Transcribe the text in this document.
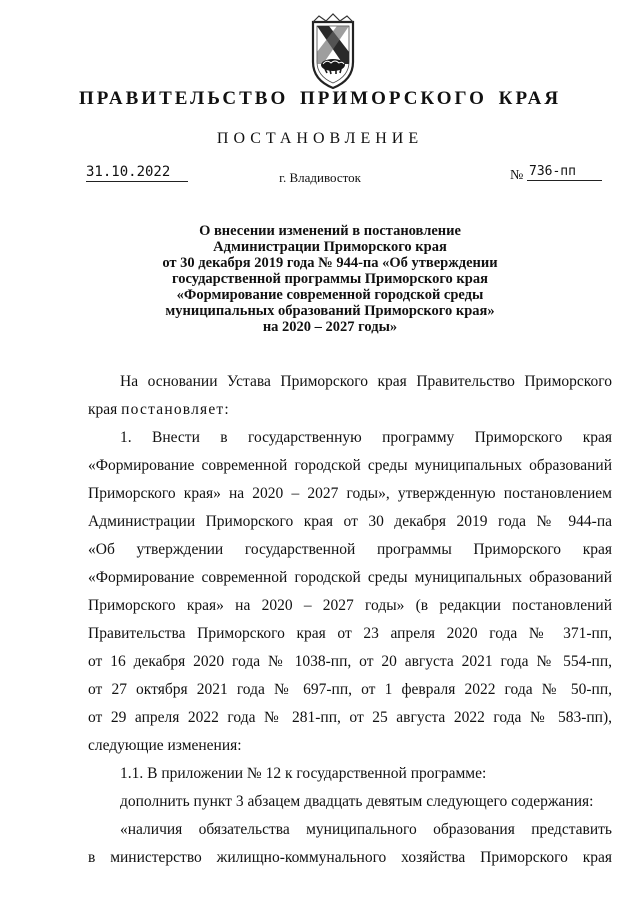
ПРАВИТЕЛЬСТВО ПРИМОРСКОГО КРАЯ
ПОСТАНОВЛЕНИЕ
31.10.2022	г. Владивосток	№ 736-пп
О внесении изменений в постановление
Администрации Приморского края
от 30 декабря 2019 года № 944-па «Об утверждении
государственной программы Приморского края
«Формирование современной городской среды
муниципальных образований Приморского края»
на 2020 – 2027 годы»
На основании Устава Приморского края Правительство Приморского
края постановляет:
1. Внести в государственную программу Приморского края
«Формирование современной городской среды муниципальных образований
Приморского края» на 2020 – 2027 годы», утвержденную постановлением
Администрации Приморского края от 30 декабря 2019 года № 944-па
«Об утверждении государственной программы Приморского края
«Формирование современной городской среды муниципальных образований
Приморского края» на 2020 – 2027 годы» (в редакции постановлений
Правительства Приморского края от 23 апреля 2020 года № 371-пп,
от 16 декабря 2020 года № 1038-пп, от 20 августа 2021 года № 554-пп,
от 27 октября 2021 года № 697-пп, от 1 февраля 2022 года № 50-пп,
от 29 апреля 2022 года № 281-пп, от 25 августа 2022 года № 583-пп),
следующие изменения:
1.1. В приложении № 12 к государственной программе:
дополнить пункт 3 абзацем двадцать девятым следующего содержания:
«наличия обязательства муниципального образования представить
в министерство жилищно-коммунального хозяйства Приморского края
